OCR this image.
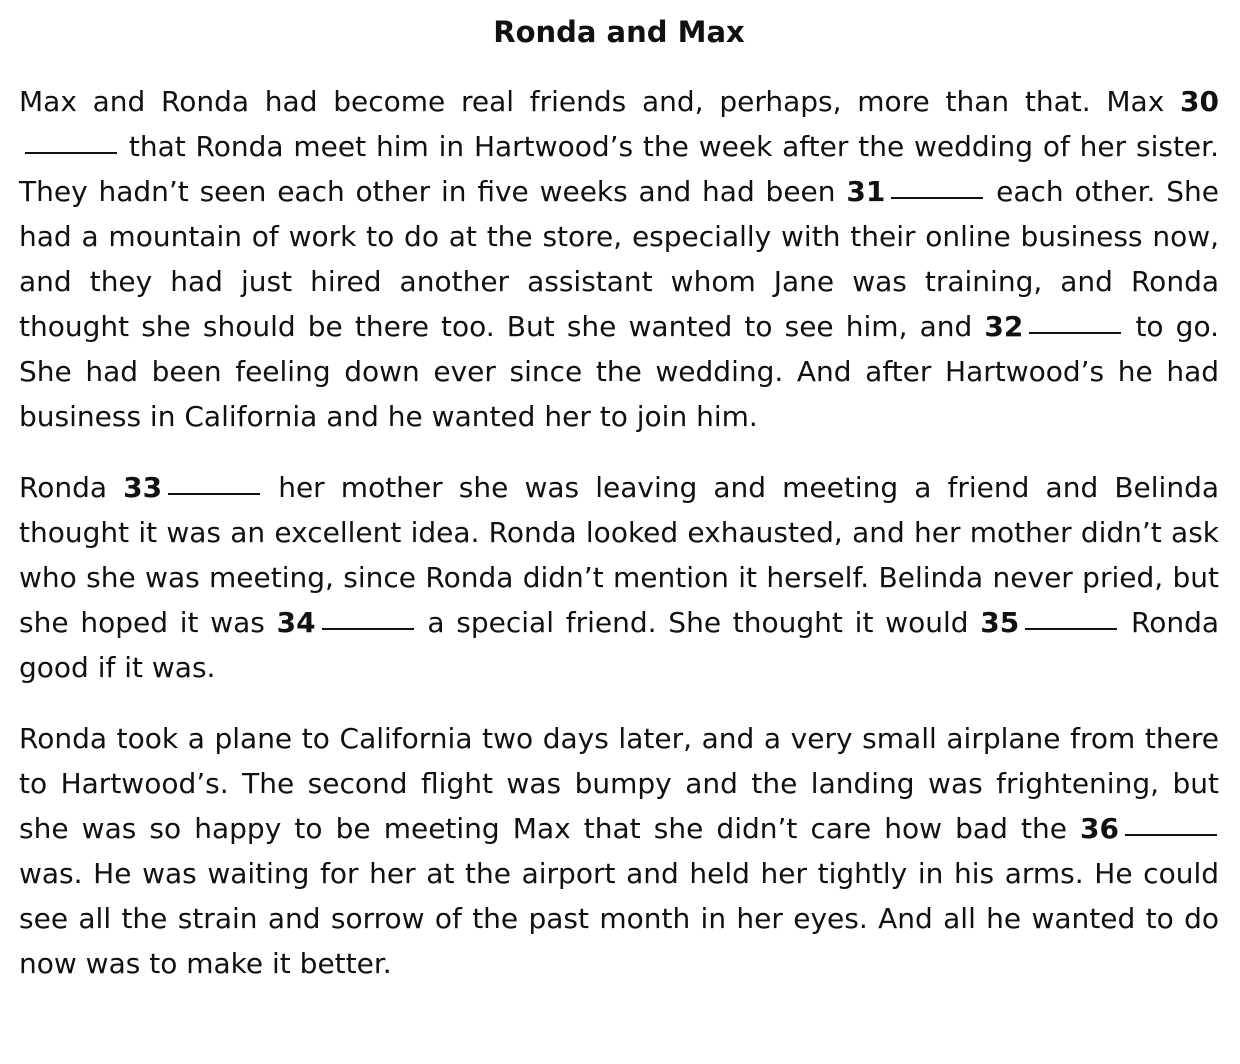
Ronda and Max

Max and Ronda had become real friends and, perhaps, more than that. Max 30 that Ronda meet him in Hartwood’s the week after the wedding of her sister. They hadn’t seen each other in five weeks and had been 31	each other. She had a mountain of work to do at the store, especially with their online business now, and they had just hired another assistant whom Jane was training, and Ronda thought she should be there too. But she wanted to see him, and 32	to go. She had been feeling down ever since the wedding. And after Hartwood’s he had business in California and he wanted her to join him.

Ronda 33	her mother she was leaving and meeting a friend and Belinda thought it was an excellent idea. Ronda looked exhausted, and her mother didn’t ask who she was meeting, since Ronda didn’t mention it herself. Belinda never pried, but she hoped it was 34	a special friend. She thought it would 35	Ronda good if it was.

Ronda took a plane to California two days later, and a very small airplane from there to Hartwood’s. The second flight was bumpy and the landing was frightening, but she was so happy to be meeting Max that she didn’t care how bad the 36 was. He was waiting for her at the airport and held her tightly in his arms. He could see all the strain and sorrow of the past month in her eyes. And all he wanted to do now was to make it better.
